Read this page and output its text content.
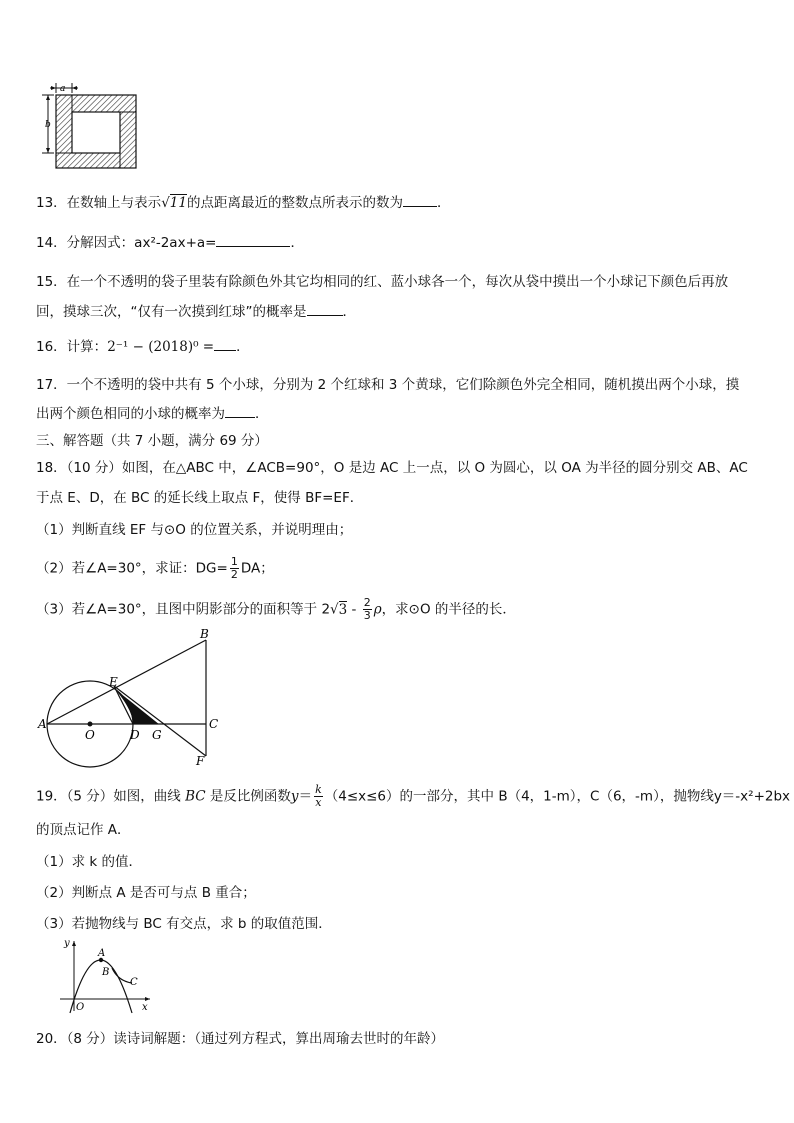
a
b
13．在数轴上与表示√11的点距离最近的整数点所表示的数为	．
14．分解因式：ax²-2ax+a=	．
15．在一个不透明的袋子里装有除颜色外其它均相同的红、蓝小球各一个，每次从袋中摸出一个小球记下颜色后再放
回，摸球三次，“仅有一次摸到红球”的概率是	．
16．计算：2⁻¹ − (2018)⁰ = ．
17．一个不透明的袋中共有 5 个小球，分别为 2 个红球和 3 个黄球，它们除颜色外完全相同，随机摸出两个小球，摸
出两个颜色相同的小球的概率为 ．
三、解答题（共 7 小题，满分 69 分）
18．（10 分）如图，在△ABC 中，∠ACB=90°，O 是边 AC 上一点，以 O 为圆心，以 OA 为半径的圆分别交 AB、AC
于点 E、D，在 BC 的延长线上取点 F，使得 BF=EF．
（1）判断直线 EF 与⊙O 的位置关系，并说明理由；
（2）若∠A=30°，求证：$DG= \frac{1}{2}$ DA；
（3）若∠A=30°，且图中阴影部分的面积等于 $2√3 - \frac{2}{3}$ ρ，求⊙O 的半径的长．
A
B
C
D
E
F
G
O
19．（5 分）如图，曲线 BC 是反比例函数$y= \frac{k}{x} (4\le x\le 6)$的一部分，其中 B（4，1-m），C（6，-m），抛物线y＝-x²+2bx
的顶点记作 A．
（1）求 k 的值．
（2）判断点 A 是否可与点 B 重合；
（3）若抛物线与 BC 有交点，求 b 的取值范围．
y
x
O
A
B
C
20．（8 分）读诗词解题：（通过列方程式，算出周瑜去世时的年龄）
